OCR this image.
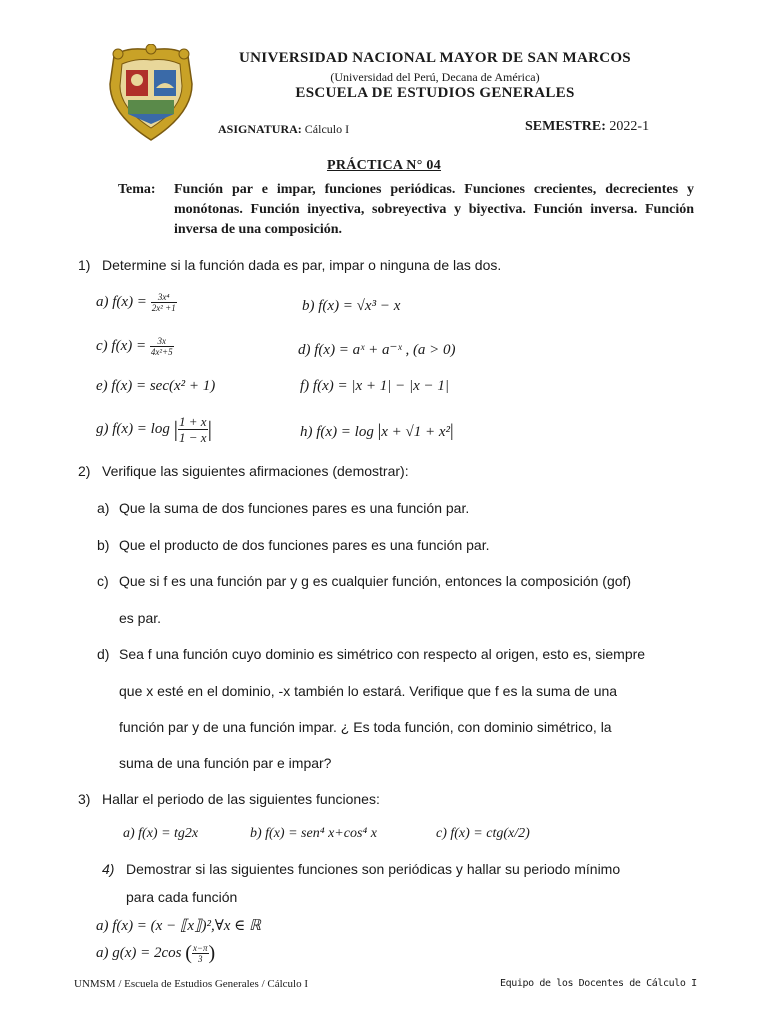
UNIVERSIDAD NACIONAL MAYOR DE SAN MARCOS
(Universidad del Perú, Decana de América)
ESCUELA DE ESTUDIOS GENERALES
ASIGNATURA: Cálculo I	SEMESTRE: 2022-1
PRÁCTICA N° 04
Tema: Función par e impar, funciones periódicas. Funciones crecientes, decrecientes y monótonas. Función inyectiva, sobreyectiva y biyectiva. Función inversa. Función inversa de una composición.
1) Determine si la función dada es par, impar o ninguna de las dos.
a) $f(x) = \frac{\text{3x⁴}}{\text{2x² +1}}$	b) f(x) = √x³ − x
c) $f(x) = \frac{3x}{\text{4x²+5}}$	d) f(x) = aˣ + a⁻ˣ , (a > 0)
e) f(x) = sec(x² + 1)	f) f(x) = |x + 1| − |x − 1|
g) f(x) = log | $\frac{1 + x}{1 - x}$ |	h) f(x) = log |x + √1 + x²|
2) Verifique las siguientes afirmaciones (demostrar):
a) Que la suma de dos funciones pares es una función par.
b) Que el producto de dos funciones pares es una función par.
c) Que si f es una función par y g es cualquier función, entonces la composición (gof)
es par.
d) Sea f una función cuyo dominio es simétrico con respecto al origen, esto es, siempre
que x esté en el dominio, -x también lo estará. Verifique que f es la suma de una
función par y de una función impar. ¿ Es toda función, con dominio simétrico, la
suma de una función par e impar?
3) Hallar el periodo de las siguientes funciones:
a) f(x) = tg2x	b) f(x) = sen⁴ x+cos⁴ x	c) f(x) = ctg(x/2)
4) Demostrar si las siguientes funciones son periódicas y hallar su periodo mínimo
para cada función
a) f(x) = (x − ⟦x⟧)²,∀x ∈ ℝ
a) g(x) = 2cos ( $\frac{x-\pi}{3}$ )
UNMSM / Escuela de Estudios Generales / Cálculo I	Equipo de los Docentes de Cálculo I
